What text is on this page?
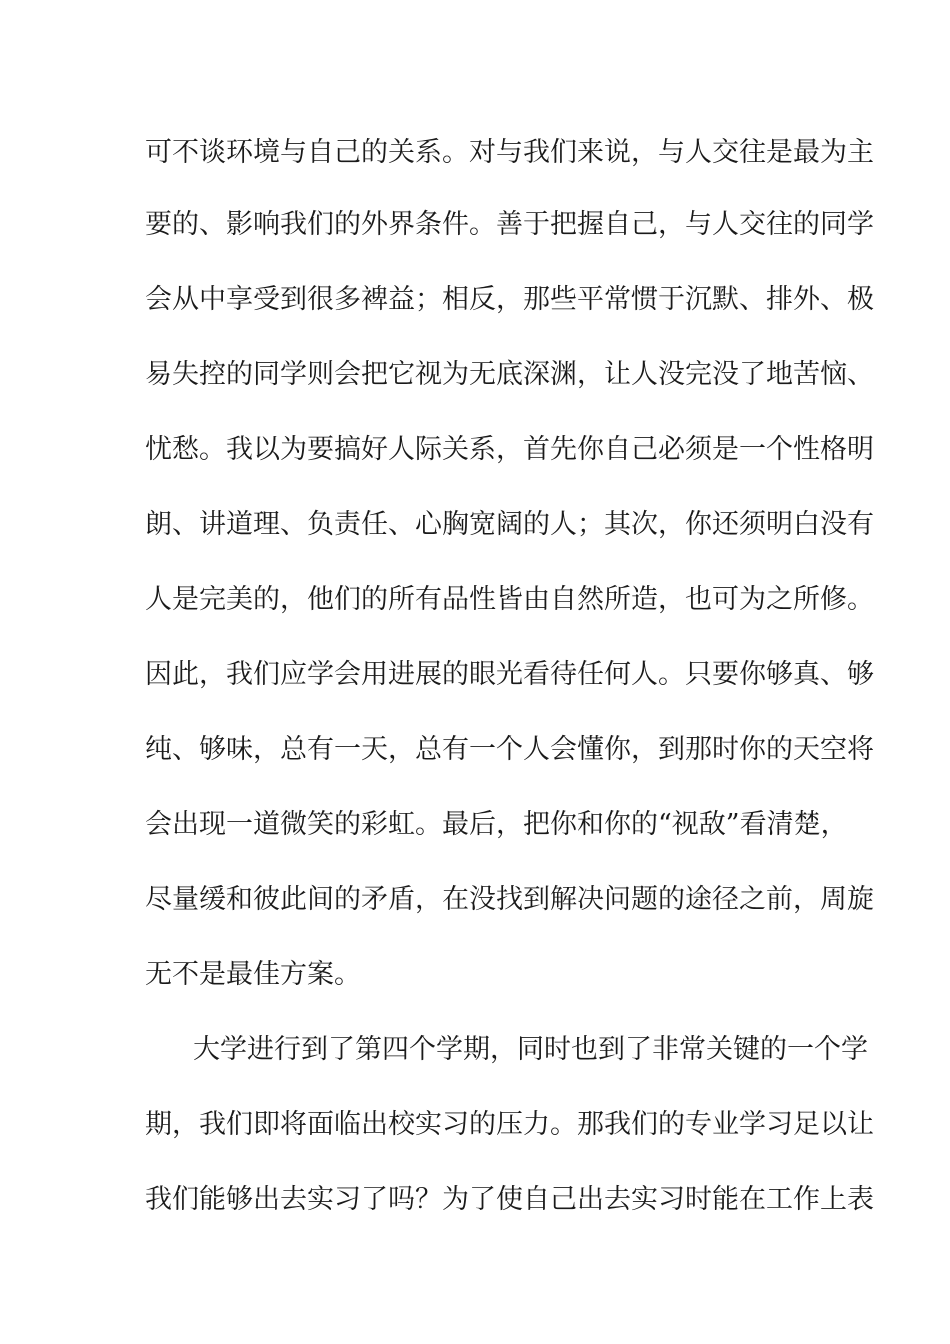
可不谈环境与自己的关系。对与我们来说，与人交往是最为主
要的、影响我们的外界条件。善于把握自己，与人交往的同学
会从中享受到很多裨益；相反，那些平常惯于沉默、排外、极
易失控的同学则会把它视为无底深渊，让人没完没了地苦恼、
忧愁。我以为要搞好人际关系，首先你自己必须是一个性格明
朗、讲道理、负责任、心胸宽阔的人；其次，你还须明白没有
人是完美的，他们的所有品性皆由自然所造，也可为之所修。
因此，我们应学会用进展的眼光看待任何人。只要你够真、够
纯、够味，总有一天，总有一个人会懂你，到那时你的天空将
会出现一道微笑的彩虹。最后，把你和你的“视敌”看清楚，
尽量缓和彼此间的矛盾，在没找到解决问题的途径之前，周旋
无不是最佳方案。
大学进行到了第四个学期，同时也到了非常关键的一个学
期，我们即将面临出校实习的压力。那我们的专业学习足以让
我们能够出去实习了吗？为了使自己出去实习时能在工作上表
